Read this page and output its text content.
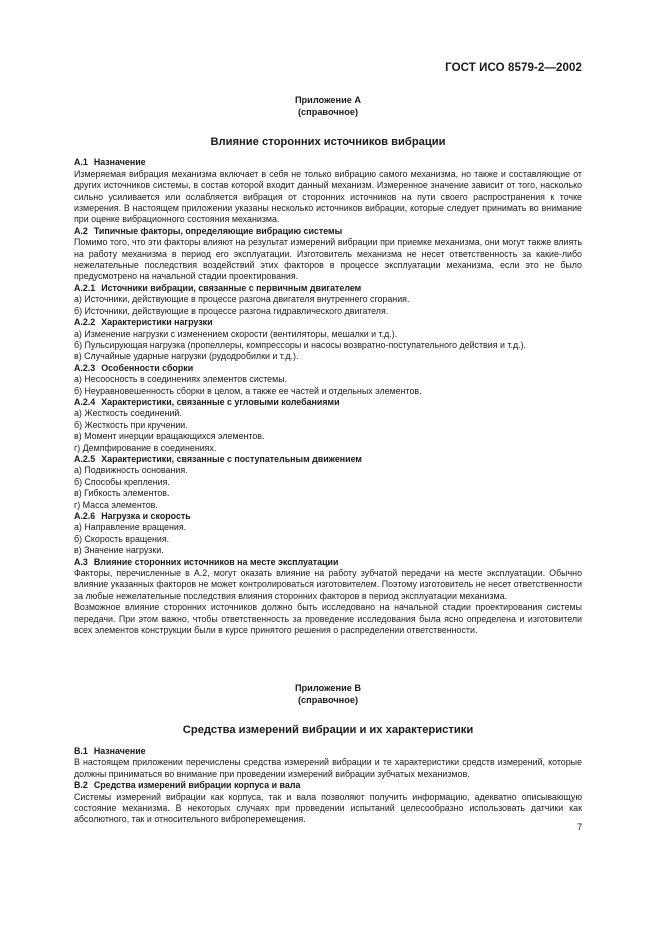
ГОСТ ИСО 8579-2—2002
Приложение А
(справочное)
Влияние сторонних источников вибрации
А.1 Назначение
Измеряемая вибрация механизма включает в себя не только вибрацию самого механизма, но также и составляющие от других источников системы, в состав которой входит данный механизм. Измеренное значение зависит от того, насколько сильно усиливается или ослабляется вибрация от сторонних источников на пути своего распространения к точке измерения. В настоящем приложении указаны несколько источников вибрации, которые следует принимать во внимание при оценке вибрационного состояния механизма.
А.2 Типичные факторы, определяющие вибрацию системы
Помимо того, что эти факторы влияют на результат измерений вибрации при приемке механизма, они могут также влиять на работу механизма в период его эксплуатации. Изготовитель механизма не несет ответственность за какие-либо нежелательные последствия воздействий этих факторов в процессе эксплуатации механизма, если это не было предусмотрено на начальной стадии проектирования.
А.2.1 Источники вибрации, связанные с первичным двигателем
а) Источники, действующие в процессе разгона двигателя внутреннего сгорания.
б) Источники, действующие в процессе разгона гидравлического двигателя.
А.2.2 Характеристики нагрузки
а) Изменение нагрузки с изменением скорости (вентиляторы, мешалки и т.д.).
б) Пульсирующая нагрузка (пропеллеры, компрессоры и насосы возвратно-поступательного действия и т.д.).
в) Случайные ударные нагрузки (рудодробилки и т.д.).
А.2.3 Особенности сборки
а) Несоосность в соединениях элементов системы.
б) Неуравновешенность сборки в целом, а также ее частей и отдельных элементов.
А.2.4 Характеристики, связанные с угловыми колебаниями
а) Жесткость соединений.
б) Жесткость при кручении.
в) Момент инерции вращающихся элементов.
г) Демпфирование в соединениях.
А.2.5 Характеристики, связанные с поступательным движением
а) Подвижность основания.
б) Способы крепления.
в) Гибкость элементов.
г) Масса элементов.
А.2.6 Нагрузка и скорость
а) Направление вращения.
б) Скорость вращения.
в) Значение нагрузки.
А.3 Влияние сторонних источников на месте эксплуатации
Факторы, перечисленные в А.2, могут оказать влияние на работу зубчатой передачи на месте эксплуатации. Обычно влияние указанных факторов не может контролироваться изготовителем. Поэтому изготовитель не несет ответственности за любые нежелательные последствия влияния сторонних факторов в период эксплуатации механизма.
Возможное влияние сторонних источников должно быть исследовано на начальной стадии проектирования системы передачи. При этом важно, чтобы ответственность за проведение исследования была ясно определена и изготовители всех элементов конструкции были в курсе принятого решения о распределении ответственности.
Приложение В
(справочное)
Средства измерений вибрации и их характеристики
В.1 Назначение
В настоящем приложении перечислены средства измерений вибрации и те характеристики средств измерений, которые должны приниматься во внимание при проведении измерений вибрации зубчатых механизмов.
В.2 Средства измерений вибрации корпуса и вала
Системы измерений вибрации как корпуса, так и вала позволяют получить информацию, адекватно описывающую состояние механизма. В некоторых случаях при проведении испытаний целесообразно использовать датчики как абсолютного, так и относительного виброперемещения.
7
